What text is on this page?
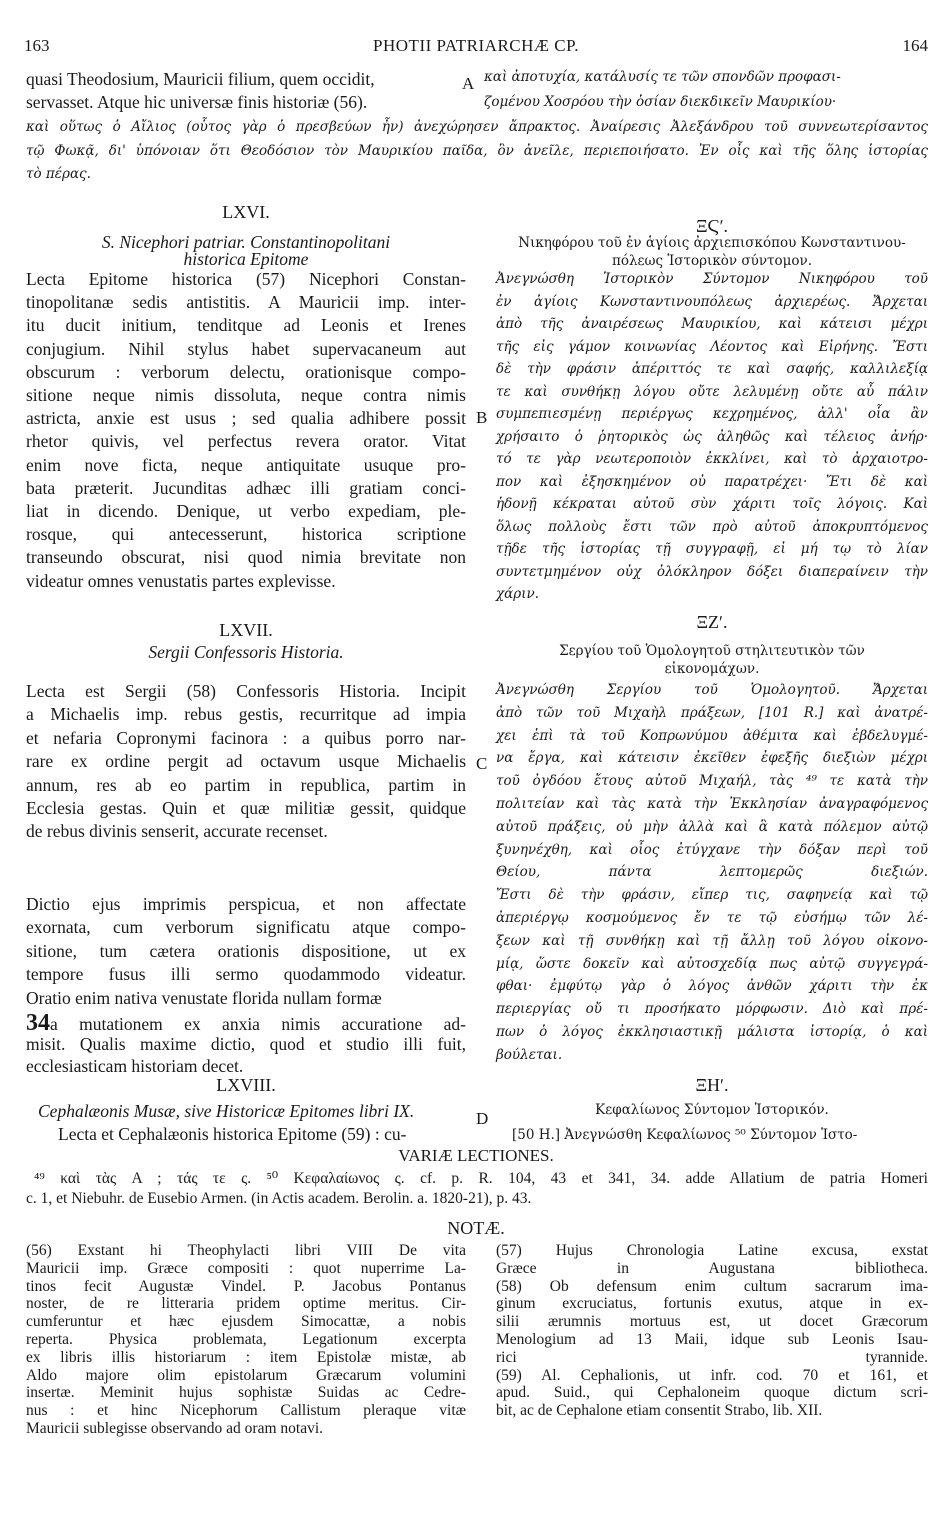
163	PHOTII PATRIARCHÆ CP.	164
quasi Theodosium, Mauricii filium, quem occidit,
servasset. Atque hic universæ finis historiæ (56).
A καὶ ἀποτυχία, κατάλυσίς τε τῶν σπονδῶν προφασι-
ζομένου Χοσρόου τὴν ὁσίαν διεκδικεῖν Μαυρικίου·
καὶ οὕτως ὁ Αἴλιος (οὗτος γὰρ ὁ πρεσβεύων ἦν) ἀνεχώρησεν ἄπρακτος. Ἀναίρεσις Ἀλεξάνδρου τοῦ συννεωτερίσαντος
τῷ Φωκᾷ, δι' ὑπόνοιαν ὅτι Θεοδόσιον τὸν Μαυρικίου παῖδα, ὃν ἀνεῖλε, περιεποιήσατο. Ἐν οἷς καὶ τῆς ὅλης ἱστορίας
τὸ πέρας.
LXVI.
S. Nicephori patriar. Constantinopolitani
historica Epitome
Lecta Epitome historica (57) Nicephori Constan-
tinopolitanæ sedis antistitis. A Mauricii imp. inter-
itu ducit initium, tenditque ad Leonis et Irenes
conjugium. Nihil stylus habet supervacaneum aut
obscurum : verborum delectu, orationisque compo-
sitione neque nimis dissoluta, neque contra nimis
astricta, anxie est usus ; sed qualia adhibere possit
rhetor quivis, vel perfectus revera orator. Vitat
enim nove ficta, neque antiquitate usuque pro-
bata præterit. Jucunditas adhæc illi gratiam conci-
liat in dicendo. Denique, ut verbo expediam, ple-
rosque, qui antecesserunt, historica scriptione
transeundo obscurat, nisi quod nimia brevitate non
videatur omnes venustatis partes explevisse.
ΞϚʹ.
Νικηφόρου τοῦ ἐν ἁγίοις ἀρχιεπισκόπου Κωνσταντινου-
πόλεως Ἱστορικὸν σύντομον.
Ἀνεγνώσθη Ἱστορικὸν Σύντομον Νικηφόρου τοῦ
ἐν ἁγίοις Κωνσταντινουπόλεως ἀρχιερέως. Ἄρχεται
ἀπὸ τῆς ἀναιρέσεως Μαυρικίου, καὶ κάτεισι μέχρι
τῆς εἰς γάμον κοινωνίας Λέοντος καὶ Εἰρήνης. Ἔστι
δὲ τὴν φράσιν ἀπέριττός τε καὶ σαφής, καλλιλεξίᾳ
τε καὶ συνθήκῃ λόγου οὔτε λελυμένῃ οὔτε αὖ πάλιν
συμπεπιεσμένῃ περιέργως κεχρημένος, ἀλλ' οἷα ἂν
χρήσαιτο ὁ ῥητορικὸς ὡς ἀληθῶς καὶ τέλειος ἀνήρ·
τό τε γὰρ νεωτεροποιὸν ἐκκλίνει, καὶ τὸ ἀρχαιοτρο-
πον καὶ ἐξησκημένον οὐ παρατρέχει· Ἔτι δὲ καὶ
ἡδονῇ κέκραται αὐτοῦ σὺν χάριτι τοῖς λόγοις. Καὶ
ὅλως πολλοὺς ἔστι τῶν πρὸ αὐτοῦ ἀποκρυπτόμενος
τῇδε τῆς ἱστορίας τῇ συγγραφῇ, εἰ μή τῳ τὸ λίαν
συντετμημένον οὐχ ὁλόκληρον δόξει διαπεραίνειν τὴν
χάριν.
B
LXVII.
Sergii Confessoris Historia.
Lecta est Sergii (58) Confessoris Historia. Incipit
a Michaelis imp. rebus gestis, recurritque ad impia
et nefaria Copronymi facinora : a quibus porro nar-
rare ex ordine pergit ad octavum usque Michaelis
annum, res ab eo partim in republica, partim in
Ecclesia gestas. Quin et quæ militiæ gessit, quidque
de rebus divinis senserit, accurate recenset.
Dictio ejus imprimis perspicua, et non affectate
exornata, cum verborum significatu atque compo-
sitione, tum cætera orationis dispositione, ut ex
tempore fusus illi sermo quodammodo videatur.
Oratio enim nativa venustate florida nullam formæ
34a mutationem ex anxia nimis accuratione ad-
misit. Qualis maxime dictio, quod et studio illi fuit,
ecclesiasticam historiam decet.
ΞΖʹ.
Σεργίου τοῦ Ὁμολογητοῦ στηλιτευτικὸν τῶν
εἰκονομάχων.
Ἀνεγνώσθη Σεργίου τοῦ Ὁμολογητοῦ. Ἄρχεται
ἀπὸ τῶν τοῦ Μιχαὴλ πράξεων, [101 R.] καὶ ἀνατρέ-
χει ἐπὶ τὰ τοῦ Κοπρωνύμου ἀθέμιτα καὶ ἐβδελυγμέ-
να ἔργα, καὶ κάτεισιν ἐκεῖθεν ἐφεξῆς διεξιὼν μέχρι
τοῦ ὀγδόου ἔτους αὐτοῦ Μιχαήλ, τὰς ⁴⁹ τε κατὰ τὴν
πολιτείαν καὶ τὰς κατὰ τὴν Ἐκκλησίαν ἀναγραφόμενος
αὐτοῦ πράξεις, οὐ μὴν ἀλλὰ καὶ ἃ κατὰ πόλεμον αὐτῷ
ξυνηνέχθη, καὶ οἷος ἐτύγχανε τὴν δόξαν περὶ τοῦ
Θείου, πάντα λεπτομερῶς διεξιών.
Ἔστι δὲ τὴν φράσιν, εἴπερ τις, σαφηνείᾳ καὶ τῷ
ἀπεριέργῳ κοσμούμενος ἔν τε τῷ εὐσήμῳ τῶν λέ-
ξεων καὶ τῇ συνθήκῃ καὶ τῇ ἄλλῃ τοῦ λόγου οἰκονο-
μίᾳ, ὥστε δοκεῖν καὶ αὐτοσχεδίᾳ πως αὐτῷ συγγεγρά-
φθαι· ἐμφύτῳ γὰρ ὁ λόγος ἀνθῶν χάριτι τὴν ἐκ
περιεργίας οὔ τι προσήκατο μόρφωσιν. Διὸ καὶ πρέ-
πων ὁ λόγος ἐκκλησιαστικῇ μάλιστα ἱστορίᾳ, ὁ καὶ
βούλεται.
C
LXVIII.
Cephalæonis Musæ, sive Historicæ Epitomes libri IX.
Lecta et Cephalæonis historica Epitome (59) : cu-
D
ΞΗʹ.
Κεφαλίωνος Σύντομον Ἱστορικόν.
[50 H.] Ἀνεγνώσθη Κεφαλίωνος ⁵⁰ Σύντομον Ἱστο-
VARIÆ LECTIONES.
⁴⁹ καὶ τὰς A ; τάς τε ς. ⁵⁰ Κεφαλαίωνος ς. cf. p. R. 104, 43 et 341, 34. adde Allatium de patria Homeri
c. 1, et Niebuhr. de Eusebio Armen. (in Actis academ. Berolin. a. 1820-21), p. 43.
NOTÆ.
(56) Exstant hi Theophylacti libri VIII De vita
Mauricii imp. Græce compositi : quot nuperrime La-
tinos fecit Augustæ Vindel. P. Jacobus Pontanus
noster, de re litteraria pridem optime meritus. Cir-
cumferuntur et hæc ejusdem Simocattæ, a nobis
reperta. Physica problemata, Legationum excerpta
ex libris illis historiarum : item Epistolæ mistæ, ab
Aldo majore olim epistolarum Græcarum volumini
insertæ. Meminit hujus sophistæ Suidas ac Cedre-
nus : et hinc Nicephorum Callistum pleraque vitæ
Mauricii sublegisse observando ad oram notavi.
(57) Hujus Chronologia Latine excusa, exstat
Græce in Augustana bibliotheca.
(58) Ob defensum enim cultum sacrarum ima-
ginum excruciatus, fortunis exutus, atque in ex-
silii ærumnis mortuus est, ut docet Græcorum
Menologium ad 13 Maii, idque sub Leonis Isau-
rici tyrannide.
(59) Al. Cephalionis, ut infr. cod. 70 et 161, et
apud. Suid., qui Cephaloneim quoque dictum scri-
bit, ac de Cephalone etiam consentit Strabo, lib. XII.
